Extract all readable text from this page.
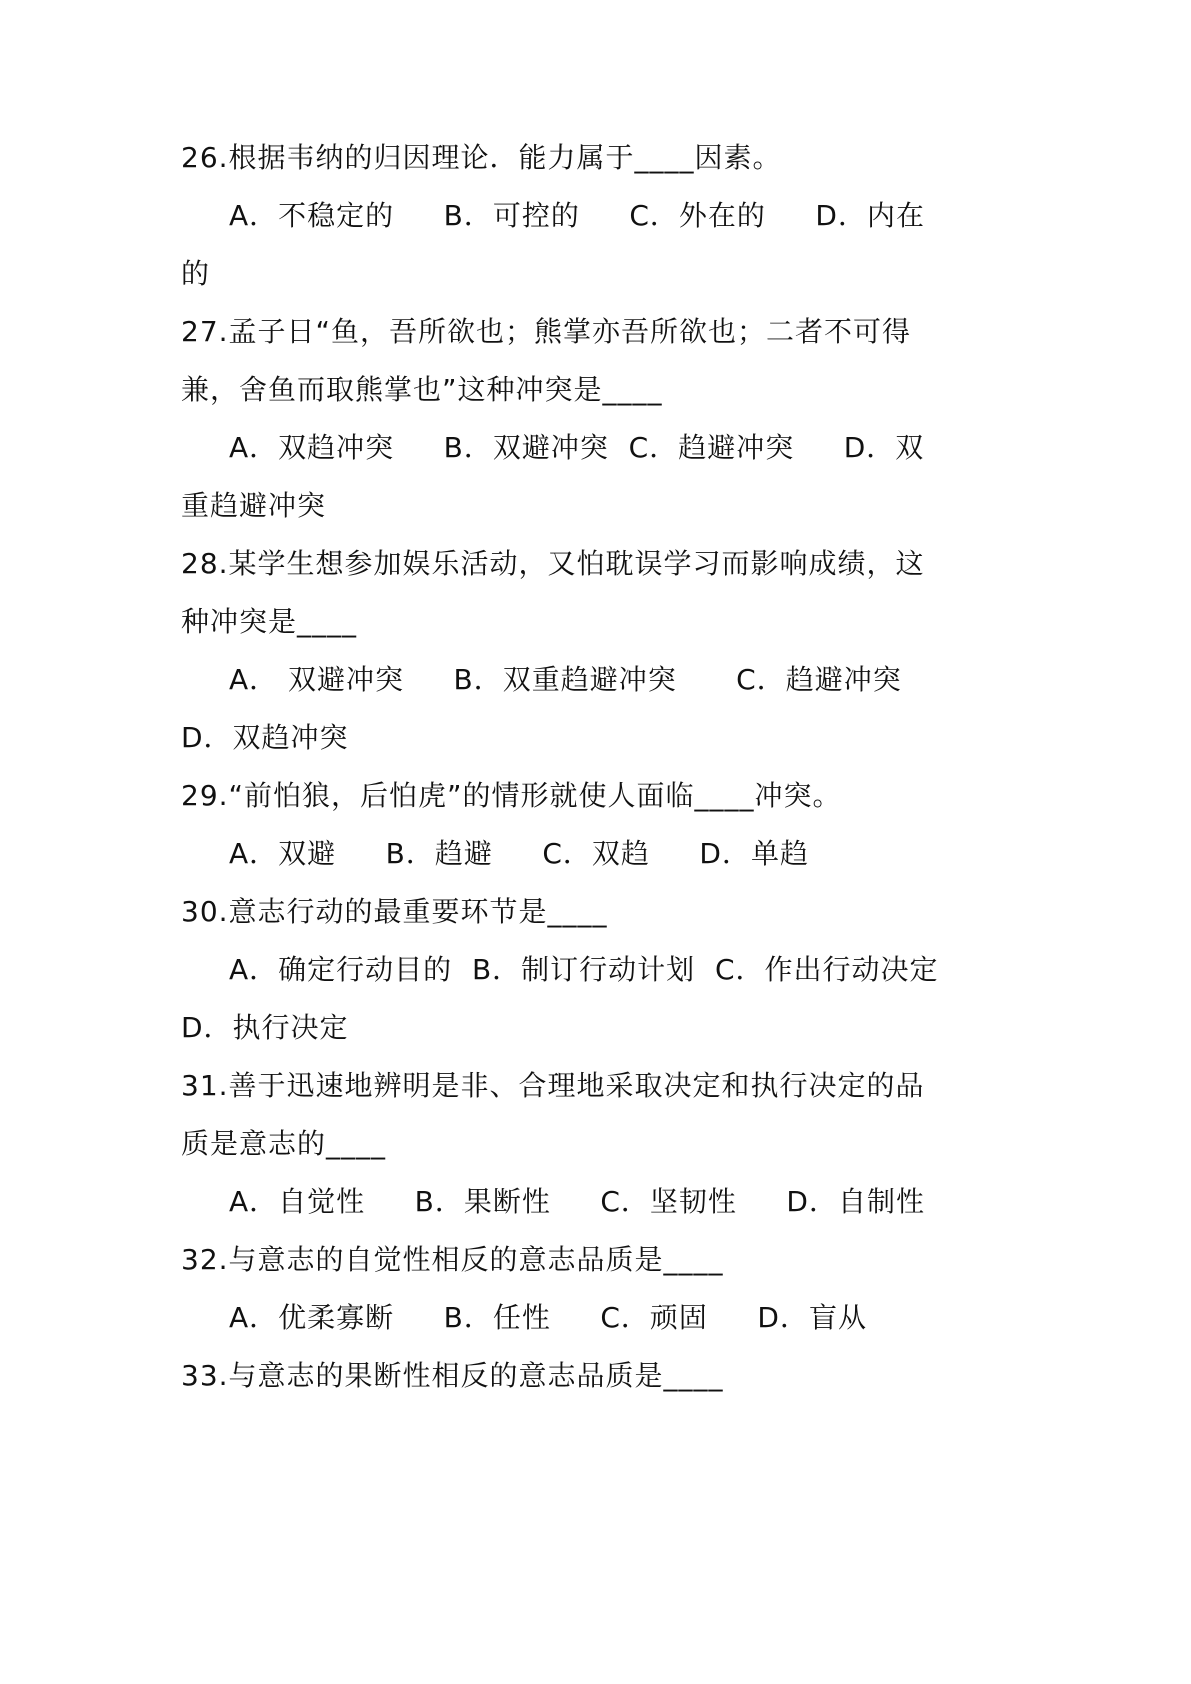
26.根据韦纳的归因理论．能力属于____因素。
A．不稳定的     B．可控的     C．外在的     D．内在
的
27.孟子日“鱼，吾所欲也；熊掌亦吾所欲也；二者不可得
兼，舍鱼而取熊掌也”这种冲突是____
A．双趋冲突     B．双避冲突  C．趋避冲突     D．双
重趋避冲突
28.某学生想参加娱乐活动，又怕耽误学习而影响成绩，这
种冲突是____
A． 双避冲突     B．双重趋避冲突      C．趋避冲突
D．双趋冲突
29.“前怕狼，后怕虎”的情形就使人面临____冲突。
A．双避     B．趋避     C．双趋     D．单趋
30.意志行动的最重要环节是____
A．确定行动目的  B．制订行动计划  C．作出行动决定
D．执行决定
31.善于迅速地辨明是非、合理地采取决定和执行决定的品
质是意志的____
A．自觉性     B．果断性     C．坚韧性     D．自制性
32.与意志的自觉性相反的意志品质是____
A．优柔寡断     B．任性     C．顽固     D．盲从
33.与意志的果断性相反的意志品质是____
